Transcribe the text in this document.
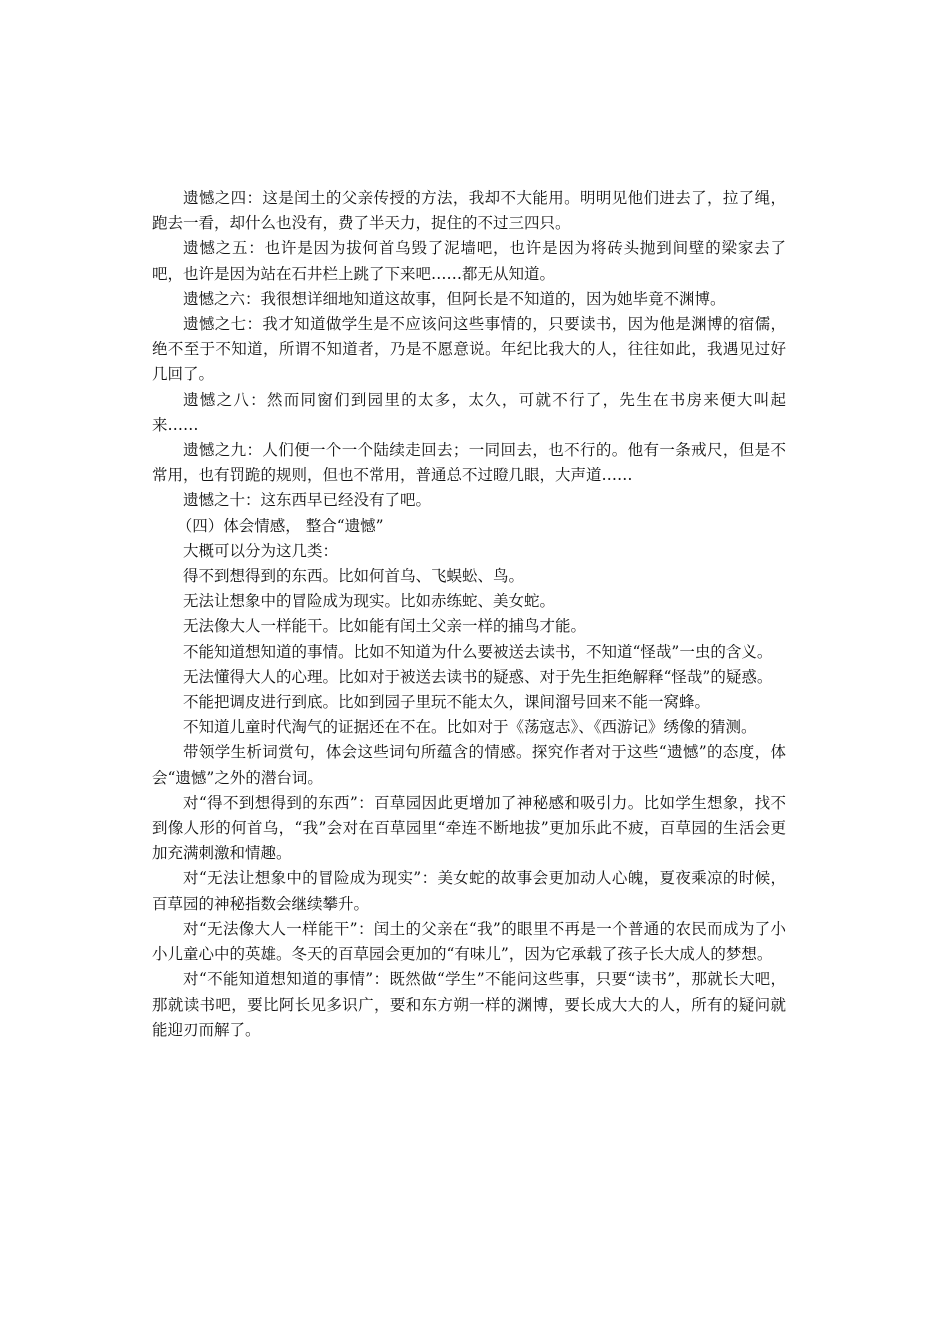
遗憾之四：这是闰土的父亲传授的方法，我却不大能用。明明见他们进去了，拉了绳，跑去一看，却什么也没有，费了半天力，捉住的不过三四只。

遗憾之五：也许是因为拔何首乌毁了泥墙吧，也许是因为将砖头抛到间壁的梁家去了吧，也许是因为站在石井栏上跳了下来吧……都无从知道。

遗憾之六：我很想详细地知道这故事，但阿长是不知道的，因为她毕竟不渊博。

遗憾之七：我才知道做学生是不应该问这些事情的，只要读书，因为他是渊博的宿儒，绝不至于不知道，所谓不知道者，乃是不愿意说。年纪比我大的人，往往如此，我遇见过好几回了。

遗憾之八：然而同窗们到园里的太多，太久，可就不行了，先生在书房来便大叫起来……

遗憾之九：人们便一个一个陆续走回去；一同回去，也不行的。他有一条戒尺，但是不常用，也有罚跪的规则，但也不常用，普通总不过瞪几眼，大声道……

遗憾之十：这东西早已经没有了吧。

（四）体会情感， 整合“遗憾”

大概可以分为这几类：

得不到想得到的东西。比如何首乌、飞蜈蚣、鸟。

无法让想象中的冒险成为现实。比如赤练蛇、美女蛇。

无法像大人一样能干。比如能有闰土父亲一样的捕鸟才能。

不能知道想知道的事情。比如不知道为什么要被送去读书，不知道“怪哉”一虫的含义。

无法懂得大人的心理。比如对于被送去读书的疑惑、对于先生拒绝解释“怪哉”的疑惑。

不能把调皮进行到底。比如到园子里玩不能太久，课间溜号回来不能一窝蜂。

不知道儿童时代淘气的证据还在不在。比如对于《荡寇志》、《西游记》绣像的猜测。

带领学生析词赏句，体会这些词句所蕴含的情感。探究作者对于这些“遗憾”的态度，体会“遗憾”之外的潜台词。

对“得不到想得到的东西”：百草园因此更增加了神秘感和吸引力。比如学生想象，找不到像人形的何首乌，“我”会对在百草园里“牵连不断地拔”更加乐此不疲，百草园的生活会更加充满刺激和情趣。

对“无法让想象中的冒险成为现实”：美女蛇的故事会更加动人心魄，夏夜乘凉的时候，百草园的神秘指数会继续攀升。

对“无法像大人一样能干”：闰土的父亲在“我”的眼里不再是一个普通的农民而成为了小小儿童心中的英雄。冬天的百草园会更加的“有味儿”，因为它承载了孩子长大成人的梦想。

对“不能知道想知道的事情”：既然做“学生”不能问这些事，只要“读书”，那就长大吧，那就读书吧，要比阿长见多识广，要和东方朔一样的渊博，要长成大大的人，所有的疑问就能迎刃而解了。
